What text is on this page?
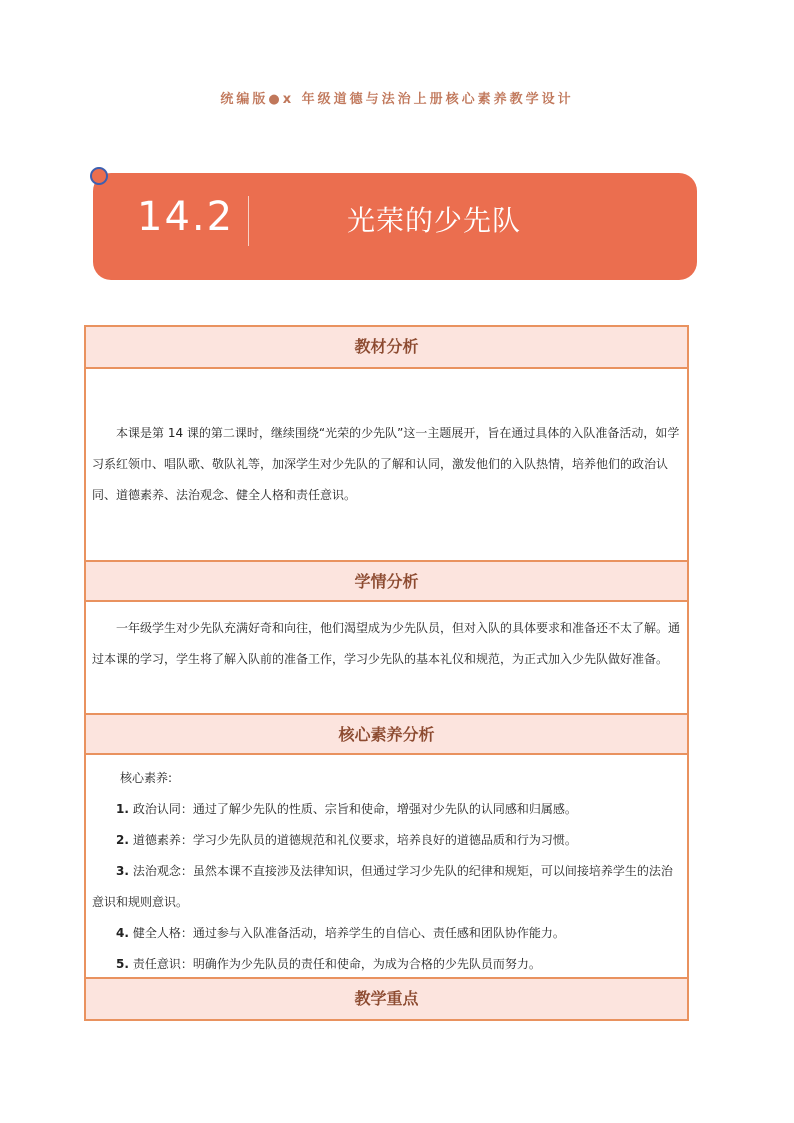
统编版●x 年级道德与法治上册核心素养教学设计
14.2	光荣的少先队
教材分析

本课是第 14 课的第二课时，继续围绕“光荣的少先队”这一主题展开，旨在通过具体的入队准备活动，如学习系红领巾、唱队歌、敬队礼等，加深学生对少先队的了解和认同，激发他们的入队热情，培养他们的政治认同、道德素养、法治观念、健全人格和责任意识。

学情分析

一年级学生对少先队充满好奇和向往，他们渴望成为少先队员，但对入队的具体要求和准备还不太了解。通过本课的学习，学生将了解入队前的准备工作，学习少先队的基本礼仪和规范，为正式加入少先队做好准备。

核心素养分析
核心素养:
1. 政治认同：通过了解少先队的性质、宗旨和使命，增强对少先队的认同感和归属感。
2. 道德素养：学习少先队员的道德规范和礼仪要求，培养良好的道德品质和行为习惯。
3. 法治观念：虽然本课不直接涉及法律知识，但通过学习少先队的纪律和规矩，可以间接培养学生的法治意识和规则意识。
4. 健全人格：通过参与入队准备活动，培养学生的自信心、责任感和团队协作能力。
5. 责任意识：明确作为少先队员的责任和使命，为成为合格的少先队员而努力。
教学重点
